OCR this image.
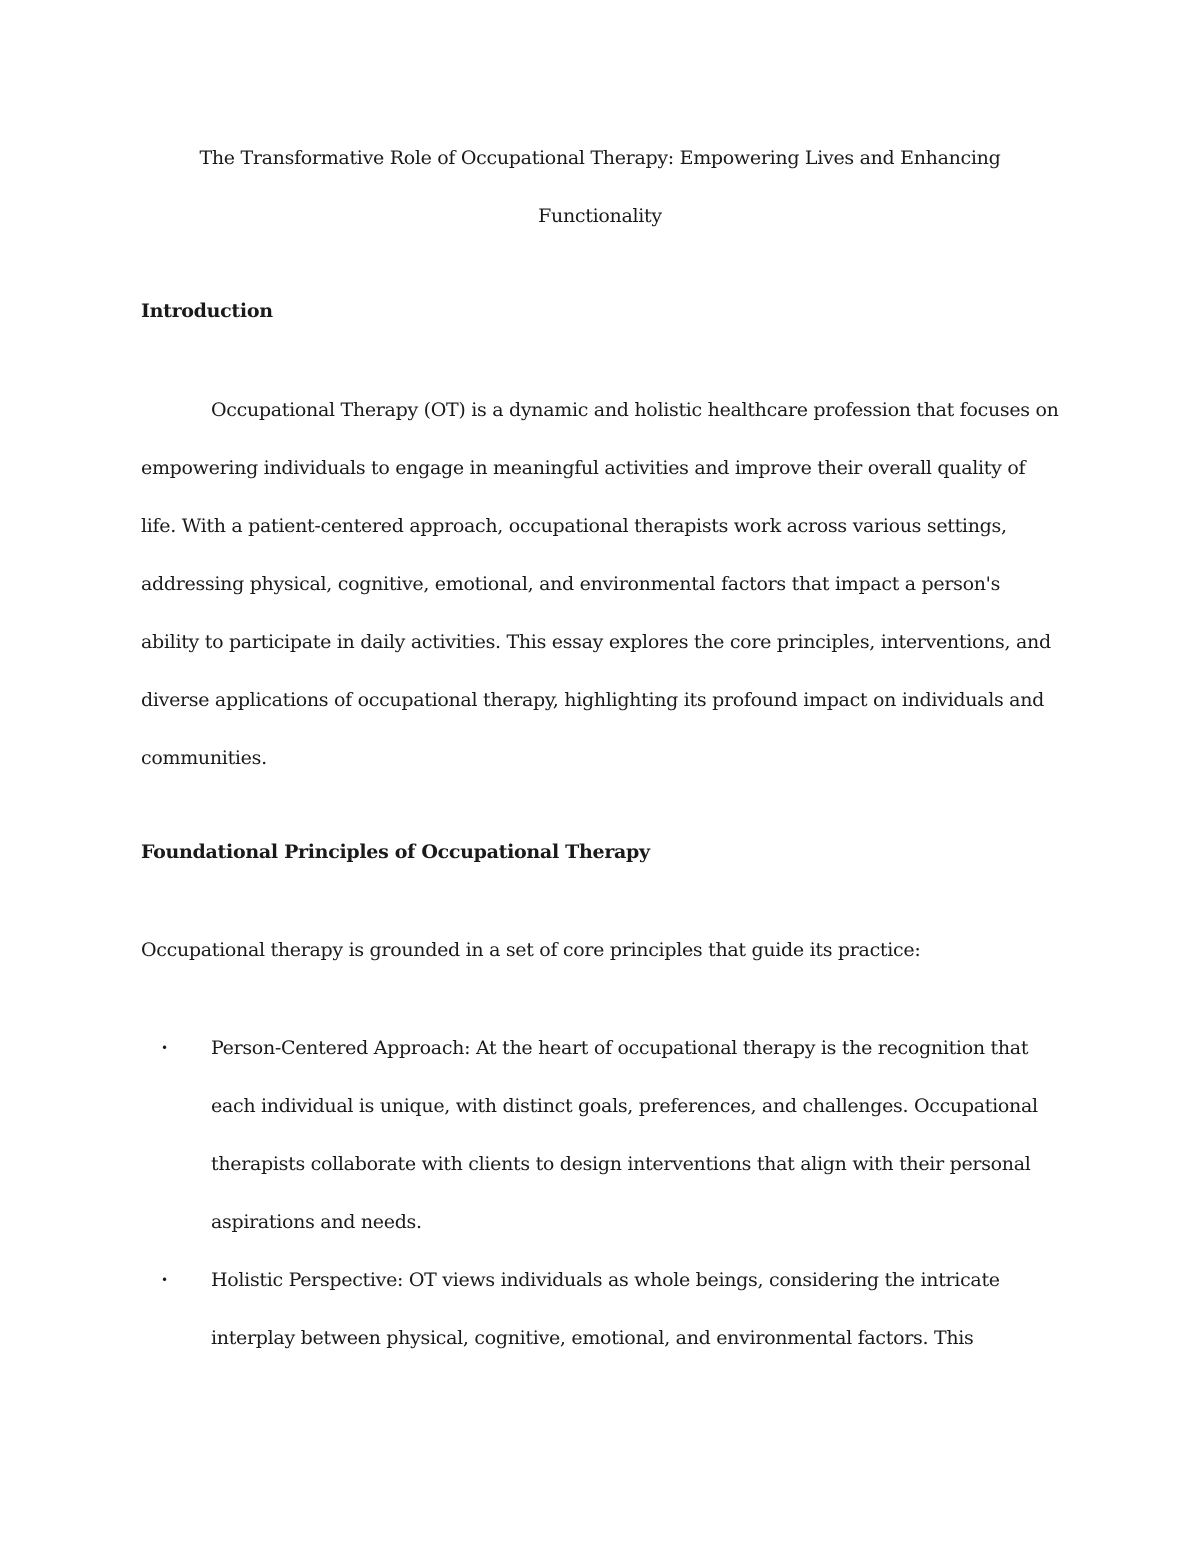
The Transformative Role of Occupational Therapy: Empowering Lives and Enhancing Functionality
Introduction

Occupational Therapy (OT) is a dynamic and holistic healthcare profession that focuses on empowering individuals to engage in meaningful activities and improve their overall quality of life. With a patient-centered approach, occupational therapists work across various settings, addressing physical, cognitive, emotional, and environmental factors that impact a person's ability to participate in daily activities. This essay explores the core principles, interventions, and diverse applications of occupational therapy, highlighting its profound impact on individuals and communities.

Foundational Principles of Occupational Therapy

Occupational therapy is grounded in a set of core principles that guide its practice:

• Person-Centered Approach: At the heart of occupational therapy is the recognition that each individual is unique, with distinct goals, preferences, and challenges. Occupational therapists collaborate with clients to design interventions that align with their personal aspirations and needs.
• Holistic Perspective: OT views individuals as whole beings, considering the intricate interplay between physical, cognitive, emotional, and environmental factors. This
